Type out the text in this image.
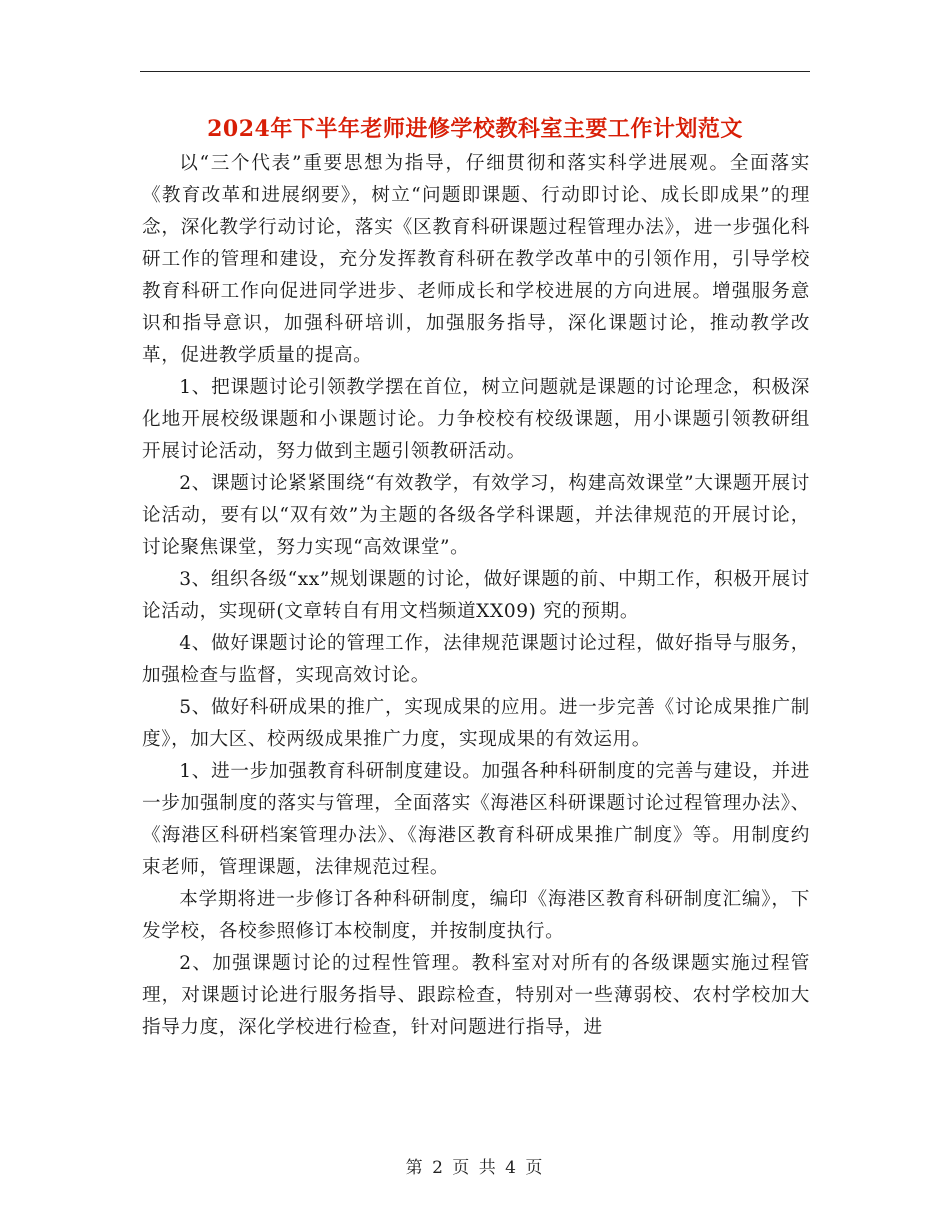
2024年下半年老师进修学校教科室主要工作计划范文

以“三个代表”重要思想为指导，仔细贯彻和落实科学进展观。全面落实《教育改革和进展纲要》，树立“问题即课题、行动即讨论、成长即成果”的理念，深化教学行动讨论，落实《区教育科研课题过程管理办法》，进一步强化科研工作的管理和建设，充分发挥教育科研在教学改革中的引领作用，引导学校教育科研工作向促进同学进步、老师成长和学校进展的方向进展。增强服务意识和指导意识，加强科研培训，加强服务指导，深化课题讨论，推动教学改革，促进教学质量的提高。

1、把课题讨论引领教学摆在首位，树立问题就是课题的讨论理念，积极深化地开展校级课题和小课题讨论。力争校校有校级课题，用小课题引领教研组开展讨论活动，努力做到主题引领教研活动。

2、课题讨论紧紧围绕“有效教学，有效学习，构建高效课堂”大课题开展讨论活动，要有以“双有效”为主题的各级各学科课题，并法律规范的开展讨论，讨论聚焦课堂，努力实现“高效课堂”。

3、组织各级“xx”规划课题的讨论，做好课题的前、中期工作，积极开展讨论活动，实现研(文章转自有用文档频道XX09) 究的预期。

4、做好课题讨论的管理工作，法律规范课题讨论过程，做好指导与服务，加强检查与监督，实现高效讨论。

5、做好科研成果的推广，实现成果的应用。进一步完善《讨论成果推广制度》，加大区、校两级成果推广力度，实现成果的有效运用。

1、进一步加强教育科研制度建设。加强各种科研制度的完善与建设，并进一步加强制度的落实与管理，全面落实《海港区科研课题讨论过程管理办法》、《海港区科研档案管理办法》、《海港区教育科研成果推广制度》等。用制度约束老师，管理课题，法律规范过程。

本学期将进一步修订各种科研制度，编印《海港区教育科研制度汇编》，下发学校，各校参照修订本校制度，并按制度执行。

2、加强课题讨论的过程性管理。教科室对对所有的各级课题实施过程管理，对课题讨论进行服务指导、跟踪检查，特别对一些薄弱校、农村学校加大指导力度，深化学校进行检查，针对问题进行指导，进

第 2 页 共 4 页
